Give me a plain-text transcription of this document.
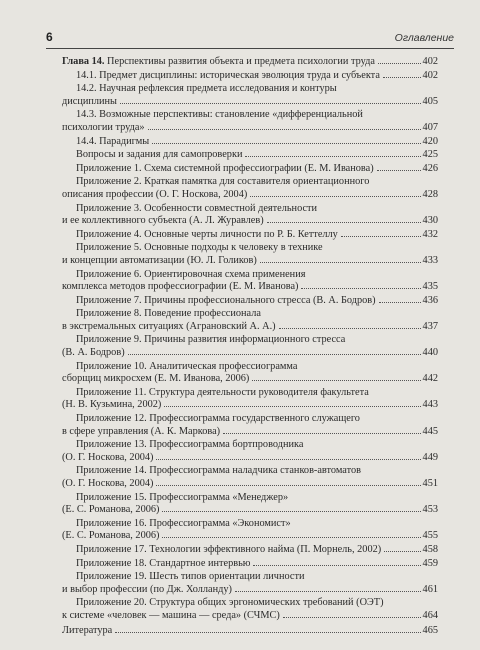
6	Оглавление
Глава 14. Перспективы развития объекта и предмета психологии труда	402
14.1. Предмет дисциплины: историческая эволюция труда и субъекта	402
14.2. Научная рефлексия предмета исследования и контуры
дисциплины	405
14.3. Возможные перспективы: становление «дифференциальной
психологии труда»	407
14.4. Парадигмы	420
Вопросы и задания для самопроверки	425
Приложение 1. Схема системной профессиографии (Е. М. Иванова)	426
Приложение 2. Краткая памятка для составителя ориентационного
описания профессии (О. Г. Носкова, 2004)	428
Приложение 3. Особенности совместной деятельности
и ее коллективного субъекта (А. Л. Журавлев)	430
Приложение 4. Основные черты личности по Р. Б. Кеттеллу	432
Приложение 5. Основные подходы к человеку в технике
и концепции автоматизации (Ю. Л. Голиков)	433
Приложение 6. Ориентировочная схема применения
комплекса методов профессиографии (Е. М. Иванова)	435
Приложение 7. Причины профессионального стресса (В. А. Бодров)	436
Приложение 8. Поведение профессионала
в экстремальных ситуациях (Аграновский А. А.)	437
Приложение 9. Причины развития информационного стресса
(В. А. Бодров)	440
Приложение 10. Аналитическая профессиограмма
сборщиц микросхем (Е. М. Иванова, 2006)	442
Приложение 11. Структура деятельности руководителя факультета
(Н. В. Кузьмина, 2002)	443
Приложение 12. Профессиограмма государственного служащего
в сфере управления (А. К. Маркова)	445
Приложение 13. Профессиограмма бортпроводника
(О. Г. Носкова, 2004)	449
Приложение 14. Профессиограмма наладчика станков-автоматов
(О. Г. Носкова, 2004)	451
Приложение 15. Профессиограмма «Менеджер»
(Е. С. Романова, 2006)	453
Приложение 16. Профессиограмма «Экономист»
(Е. С. Романова, 2006)	455
Приложение 17. Технологии эффективного найма (П. Морнель, 2002)	458
Приложение 18. Стандартное интервью	459
Приложение 19. Шесть типов ориентации личности
и выбор профессии (по Дж. Холланду)	461
Приложение 20. Структура общих эргономических требований (ОЭТ)
к системе «человек — машина — среда» (СЧМС)	464
Литература	465
